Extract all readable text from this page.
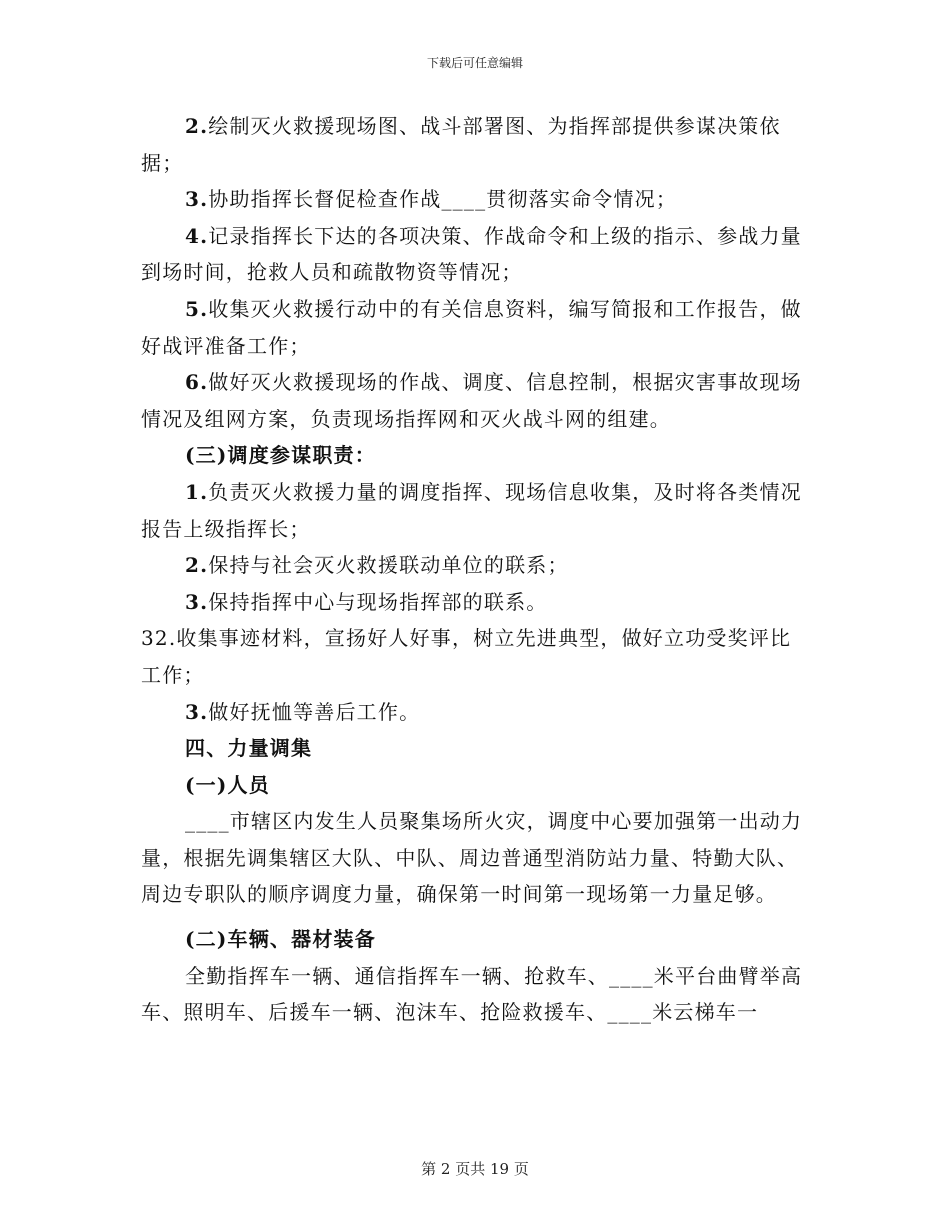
下载后可任意编辑

2.绘制灭火救援现场图、战斗部署图、为指挥部提供参谋决策依据；

3.协助指挥长督促检查作战____贯彻落实命令情况；

4.记录指挥长下达的各项决策、作战命令和上级的指示、参战力量到场时间，抢救人员和疏散物资等情况；

5.收集灭火救援行动中的有关信息资料，编写简报和工作报告，做好战评准备工作；

6.做好灭火救援现场的作战、调度、信息控制，根据灾害事故现场情况及组网方案，负责现场指挥网和灭火战斗网的组建。

(三)调度参谋职责：

1.负责灭火救援力量的调度指挥、现场信息收集，及时将各类情况报告上级指挥长；

2.保持与社会灭火救援联动单位的联系；

3.保持指挥中心与现场指挥部的联系。

32.收集事迹材料，宣扬好人好事，树立先进典型，做好立功受奖评比工作；

3.做好抚恤等善后工作。

四、力量调集

(一)人员

____市辖区内发生人员聚集场所火灾，调度中心要加强第一出动力量，根据先调集辖区大队、中队、周边普通型消防站力量、特勤大队、周边专职队的顺序调度力量，确保第一时间第一现场第一力量足够。

(二)车辆、器材装备

全勤指挥车一辆、通信指挥车一辆、抢救车、____米平台曲臂举高车、照明车、后援车一辆、泡沫车、抢险救援车、____米云梯车一

第 2 页共 19 页
